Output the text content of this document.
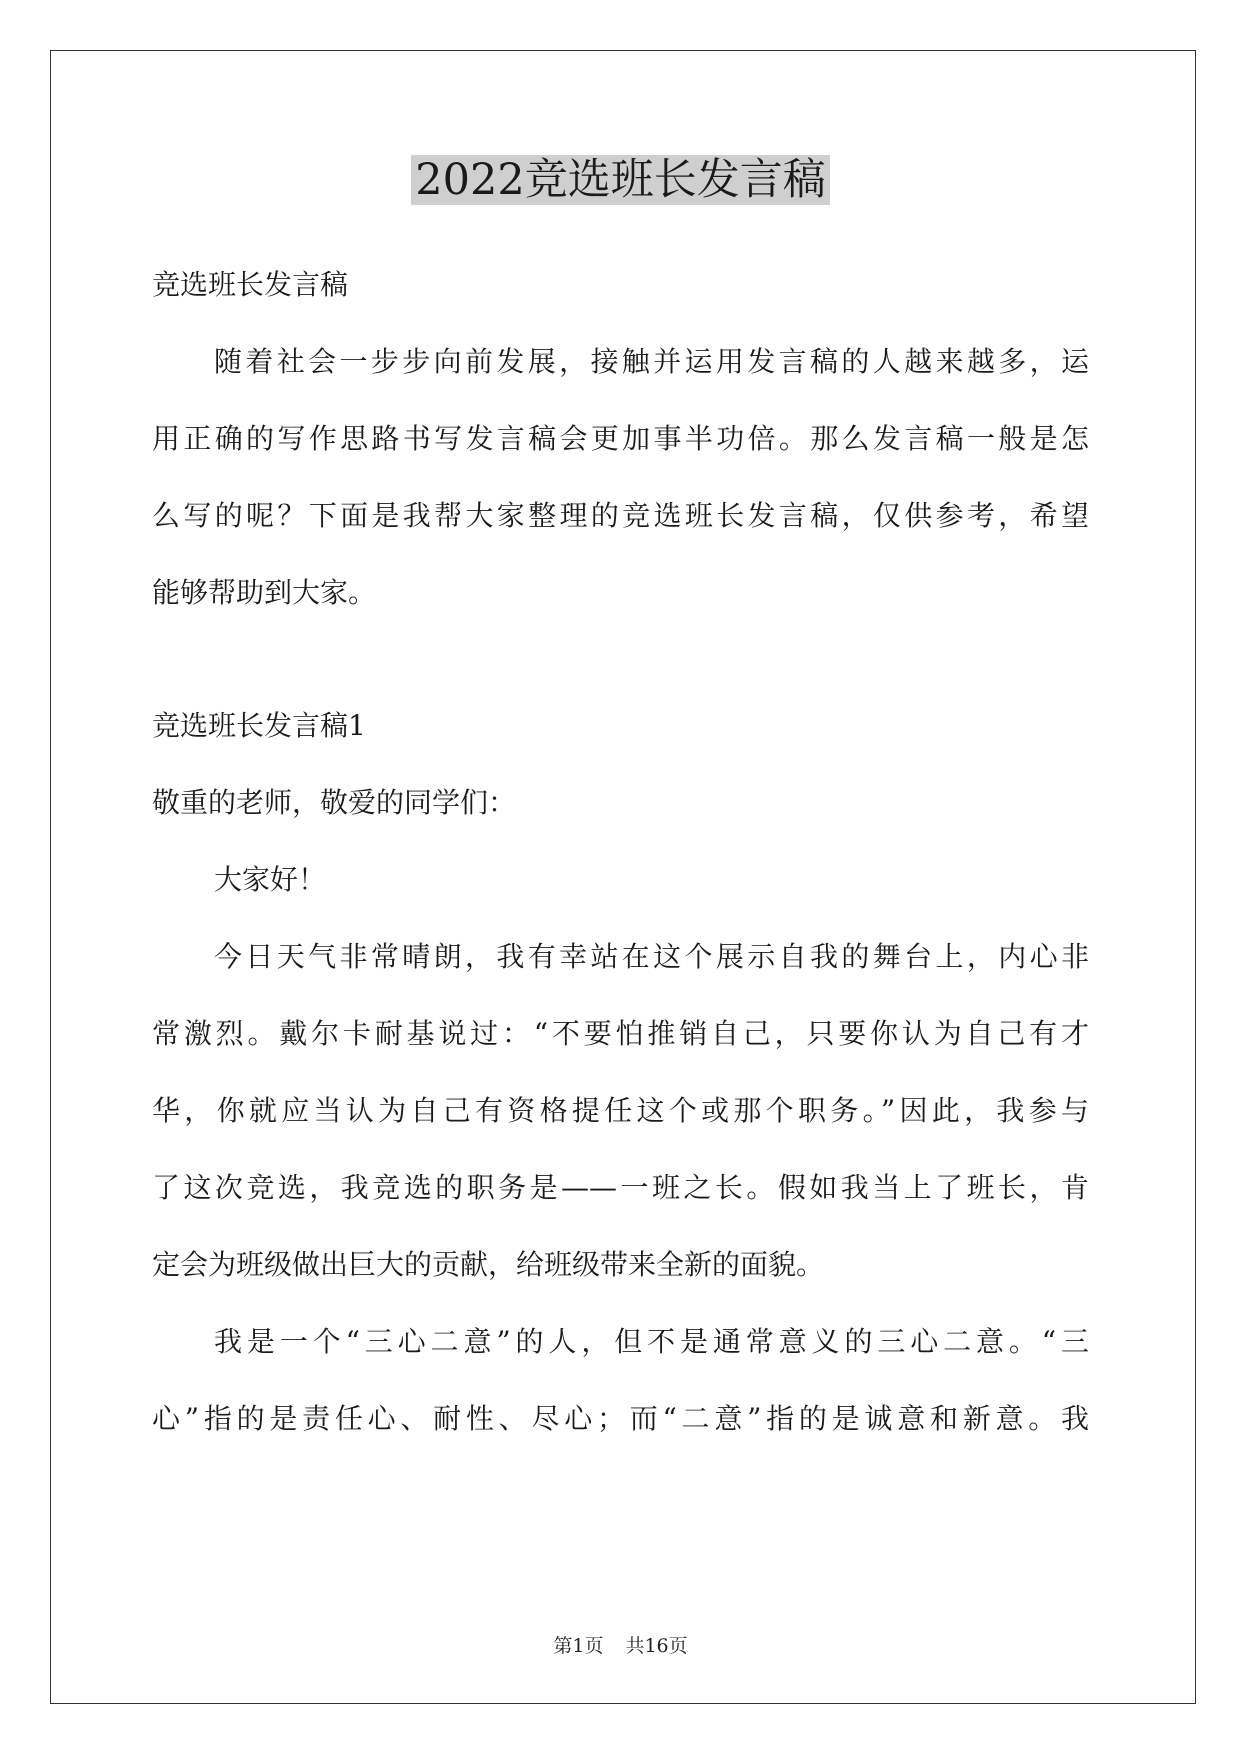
2022竞选班长发言稿
竞选班长发言稿
随着社会一步步向前发展，接触并运用发言稿的人越来越多，运
用正确的写作思路书写发言稿会更加事半功倍。那么发言稿一般是怎
么写的呢？下面是我帮大家整理的竞选班长发言稿，仅供参考，希望
能够帮助到大家。
竞选班长发言稿1
敬重的老师，敬爱的同学们：
大家好！
今日天气非常晴朗，我有幸站在这个展示自我的舞台上，内心非
常激烈。戴尔卡耐基说过：“不要怕推销自己，只要你认为自己有才
华，你就应当认为自己有资格提任这个或那个职务。”因此，我参与
了这次竞选，我竞选的职务是——一班之长。假如我当上了班长，肯
定会为班级做出巨大的贡献，给班级带来全新的面貌。
我是一个“三心二意”的人，但不是通常意义的三心二意。“三
心”指的是责任心、耐性、尽心；而“二意”指的是诚意和新意。我
第1页 共16页
